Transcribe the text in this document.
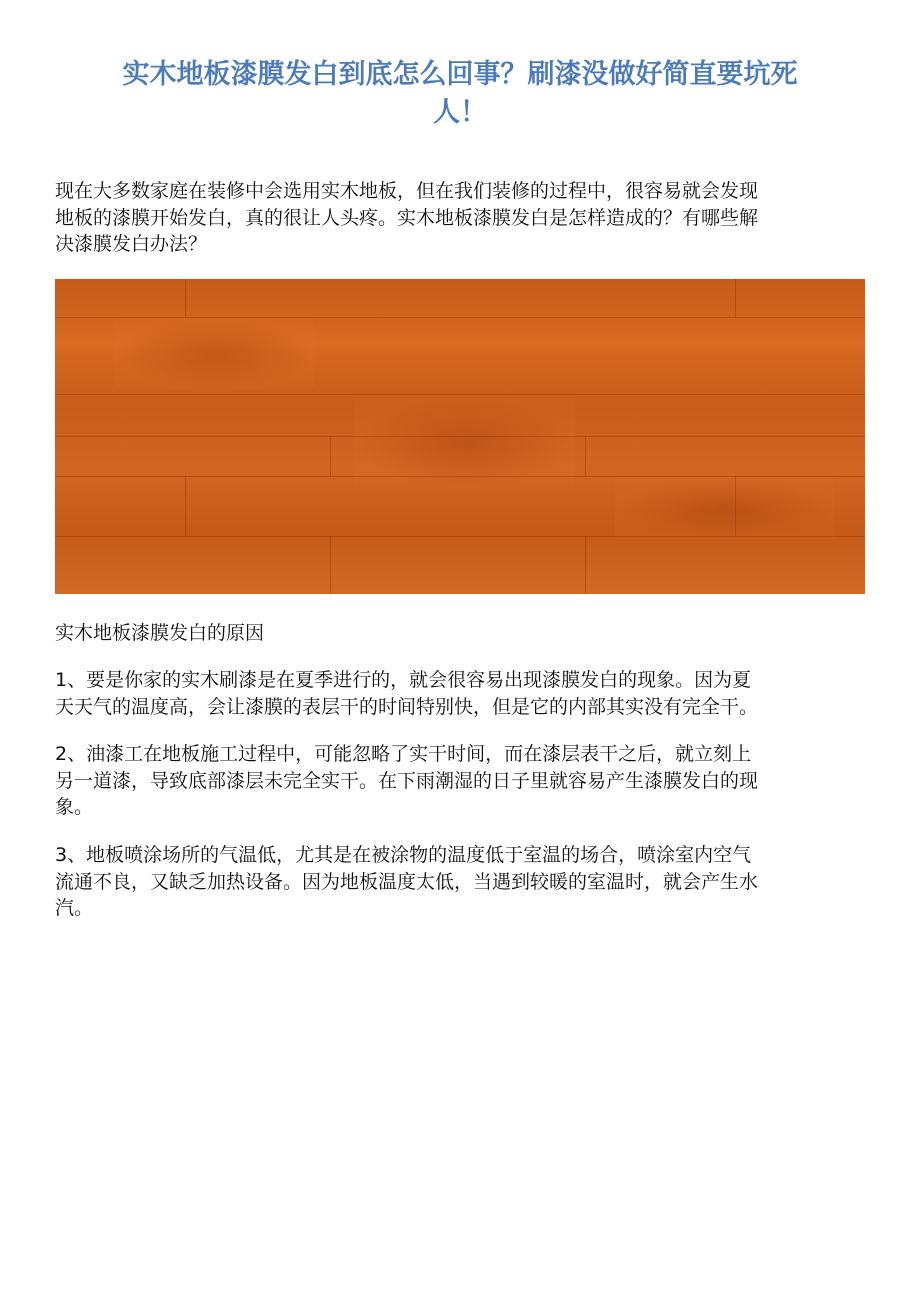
实木地板漆膜发白到底怎么回事？刷漆没做好简直要坑死
人！
现在大多数家庭在装修中会选用实木地板，但在我们装修的过程中，很容易就会发现
地板的漆膜开始发白，真的很让人头疼。实木地板漆膜发白是怎样造成的？有哪些解
决漆膜发白办法？
实木地板漆膜发白的原因
1、要是你家的实木刷漆是在夏季进行的，就会很容易出现漆膜发白的现象。因为夏
天天气的温度高，会让漆膜的表层干的时间特别快，但是它的内部其实没有完全干。
2、油漆工在地板施工过程中，可能忽略了实干时间，而在漆层表干之后，就立刻上
另一道漆，导致底部漆层未完全实干。在下雨潮湿的日子里就容易产生漆膜发白的现
象。
3、地板喷涂场所的气温低，尤其是在被涂物的温度低于室温的场合，喷涂室内空气
流通不良，又缺乏加热设备。因为地板温度太低，当遇到较暖的室温时，就会产生水
汽。
